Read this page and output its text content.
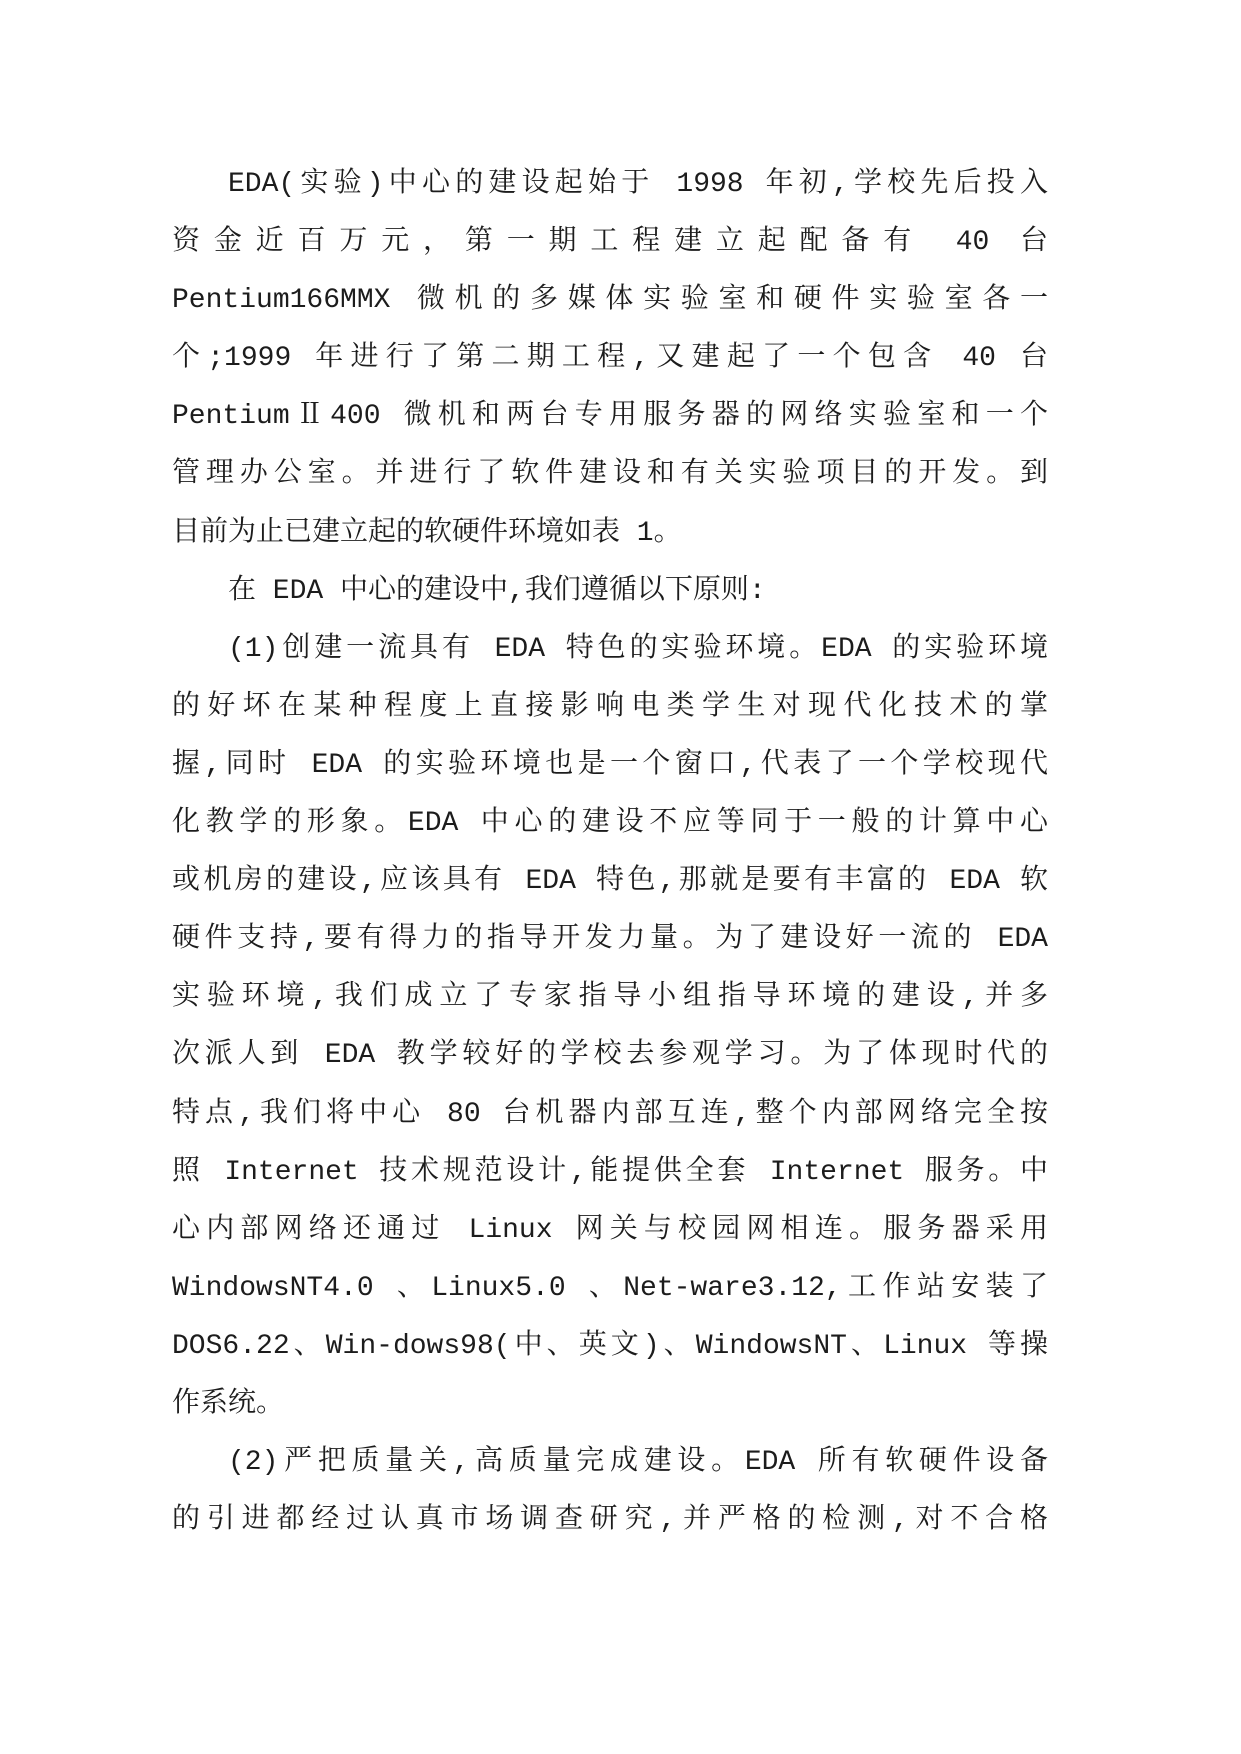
EDA(实验)中心的建设起始于 1998 年初,学校先后投入
资金近百万元，第一期工程建立起配备有 40 台
Pentium166MMX 微机的多媒体实验室和硬件实验室各一
个;1999 年进行了第二期工程,又建起了一个包含 40 台
PentiumⅡ400 微机和两台专用服务器的网络实验室和一个
管理办公室。并进行了软件建设和有关实验项目的开发。到
目前为止已建立起的软硬件环境如表 1。
在 EDA 中心的建设中,我们遵循以下原则:
(1)创建一流具有 EDA 特色的实验环境。EDA 的实验环境
的好坏在某种程度上直接影响电类学生对现代化技术的掌
握,同时 EDA 的实验环境也是一个窗口,代表了一个学校现代
化教学的形象。EDA 中心的建设不应等同于一般的计算中心
或机房的建设,应该具有 EDA 特色,那就是要有丰富的 EDA 软
硬件支持,要有得力的指导开发力量。为了建设好一流的 EDA
实验环境,我们成立了专家指导小组指导环境的建设,并多
次派人到 EDA 教学较好的学校去参观学习。为了体现时代的
特点,我们将中心 80 台机器内部互连,整个内部网络完全按
照 Internet 技术规范设计,能提供全套 Internet 服务。中
心内部网络还通过 Linux 网关与校园网相连。服务器采用
WindowsNT4.0 、Linux5.0 、Net-ware3.12,工作站安装了
DOS6.22、Win-dows98(中、英文)、WindowsNT、Linux 等操
作系统。
(2)严把质量关,高质量完成建设。EDA 所有软硬件设备
的引进都经过认真市场调查研究,并严格的检测,对不合格
